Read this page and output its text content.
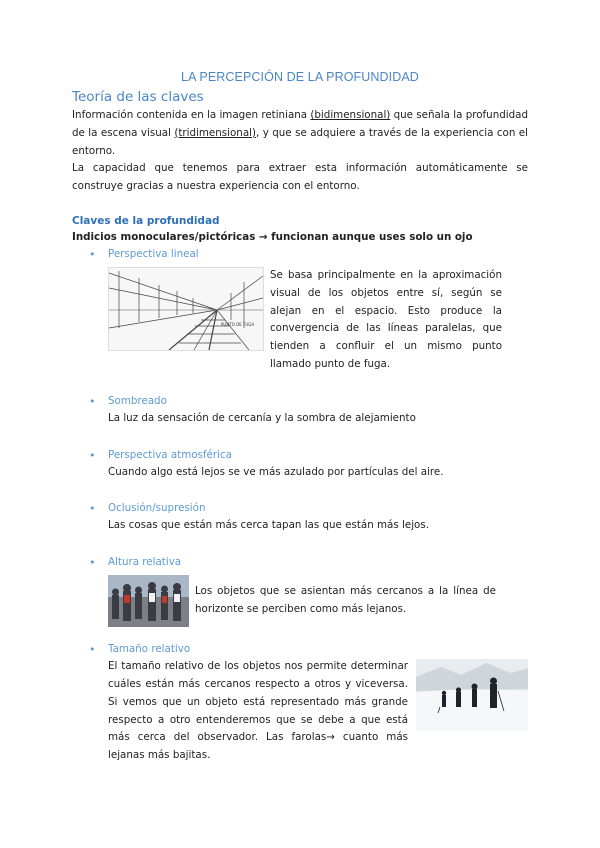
LA PERCEPCIÓN DE LA PROFUNDIDAD
Teoría de las claves

Información contenida en la imagen retiniana (bidimensional) que señala la profundidad de la escena visual (tridimensional), y que se adquiere a través de la experiencia con el entorno.

La capacidad que tenemos para extraer esta información automáticamente se construye gracias a nuestra experiencia con el entorno.

Claves de la profundidad
Indicios monoculares/pictóricas → funcionan aunque uses solo un ojo
• Perspectiva lineal
PUNTO DE FUGA

Se basa principalmente en la aproximación visual de los objetos entre sí, según se alejan en el espacio. Esto produce la convergencia de las líneas paralelas, que tienden a confluir el un mismo punto llamado punto de fuga.

• Sombreado

La luz da sensación de cercanía y la sombra de alejamiento

• Perspectiva atmosférica

Cuando algo está lejos se ve más azulado por partículas del aire.

• Oclusión/supresión

Las cosas que están más cerca tapan las que están más lejos.

• Altura relativa

Los objetos que se asientan más cercanos a la línea de horizonte se perciben como más lejanos.

• Tamaño relativo

El tamaño relativo de los objetos nos permite determinar cuáles están más cercanos respecto a otros y viceversa. Si vemos que un objeto está representado más grande respecto a otro entenderemos que se debe a que está más cerca del observador. Las farolas→ cuanto más lejanas más bajitas.
